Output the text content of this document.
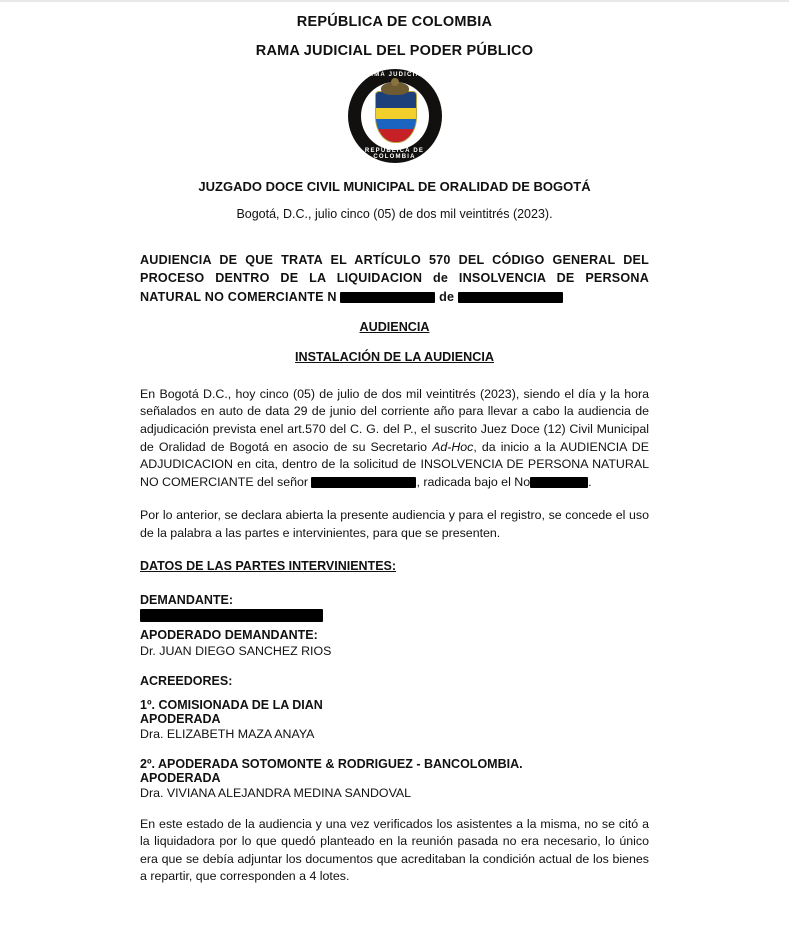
REPÚBLICA DE COLOMBIA
RAMA JUDICIAL DEL PODER PÚBLICO
RAMA JUDICIAL
REPÚBLICA DE COLOMBIA
JUZGADO DOCE CIVIL MUNICIPAL DE ORALIDAD DE BOGOTÁ
Bogotá, D.C., julio cinco (05) de dos mil veintitrés (2023).
AUDIENCIA DE QUE TRATA EL ARTÍCULO 570 DEL CÓDIGO GENERAL DEL PROCESO DENTRO DE LA LIQUIDACION de INSOLVENCIA DE PERSONA NATURAL NO COMERCIANTE N	de
AUDIENCIA
INSTALACIÓN DE LA AUDIENCIA

En Bogotá D.C., hoy cinco (05) de julio de dos mil veintitrés (2023), siendo el día y la hora señalados en auto de data 29 de junio del corriente año para llevar a cabo la audiencia de adjudicación prevista enel art.570 del C. G. del P., el suscrito Juez Doce (12) Civil Municipal de Oralidad de Bogotá en asocio de su Secretario Ad-Hoc, da inicio a la AUDIENCIA DE ADJUDICACION en cita, dentro de la solicitud de INSOLVENCIA DE PERSONA NATURAL NO COMERCIANTE del señor	, radicada bajo el No	.

Por lo anterior, se declara abierta la presente audiencia y para el registro, se concede el uso de la palabra a las partes e intervinientes, para que se presenten.

DATOS DE LAS PARTES INTERVINIENTES:
DEMANDANTE:
APODERADO DEMANDANTE:
Dr. JUAN DIEGO SANCHEZ RIOS
ACREEDORES:
1º. COMISIONADA DE LA DIAN
APODERADA
Dra. ELIZABETH MAZA ANAYA
2º. APODERADA SOTOMONTE & RODRIGUEZ - BANCOLOMBIA.
APODERADA
Dra. VIVIANA ALEJANDRA MEDINA SANDOVAL

En este estado de la audiencia y una vez verificados los asistentes a la misma, no se citó a la liquidadora por lo que quedó planteado en la reunión pasada no era necesario, lo único era que se debía adjuntar los documentos que acreditaban la condición actual de los bienes a repartir, que corresponden a 4 lotes.
